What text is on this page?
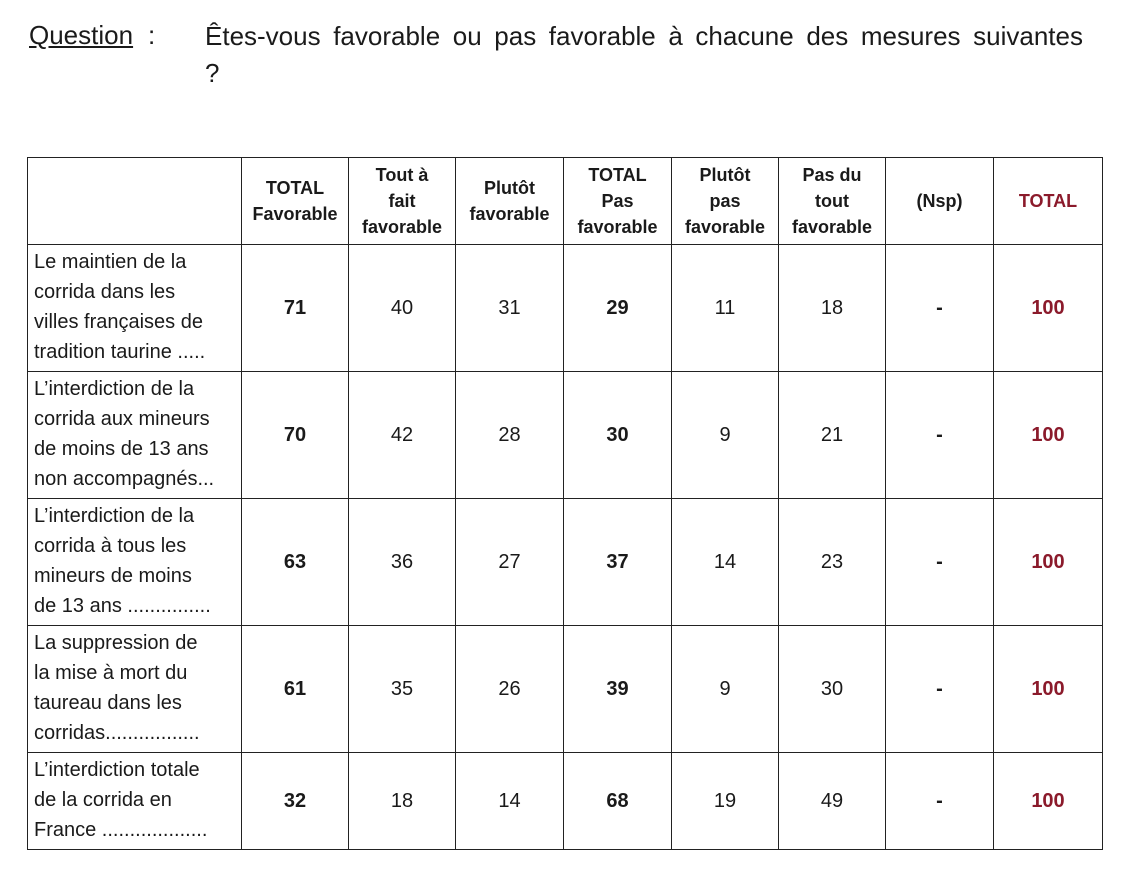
Question : Êtes-vous favorable ou pas favorable à chacune des mesures suivantes ?
	TOTAL
Favorable	Tout à
fait
favorable	Plutôt
favorable	TOTAL
Pas
favorable	Plutôt
pas
favorable	Pas du
tout
favorable	(Nsp)	TOTAL
Le maintien de la
corrida dans les
villes françaises de
tradition taurine .....	71	40	31	29	11	18	-	100
L’interdiction de la
corrida aux mineurs
de moins de 13 ans
non accompagnés...	70	42	28	30	9	21	-	100
L’interdiction de la
corrida à tous les
mineurs de moins
de 13 ans ...............	63	36	27	37	14	23	-	100
La suppression de
la mise à mort du
taureau dans les
corridas.................	61	35	26	39	9	30	-	100
L’interdiction totale
de la corrida en
France ...................	32	18	14	68	19	49	-	100
